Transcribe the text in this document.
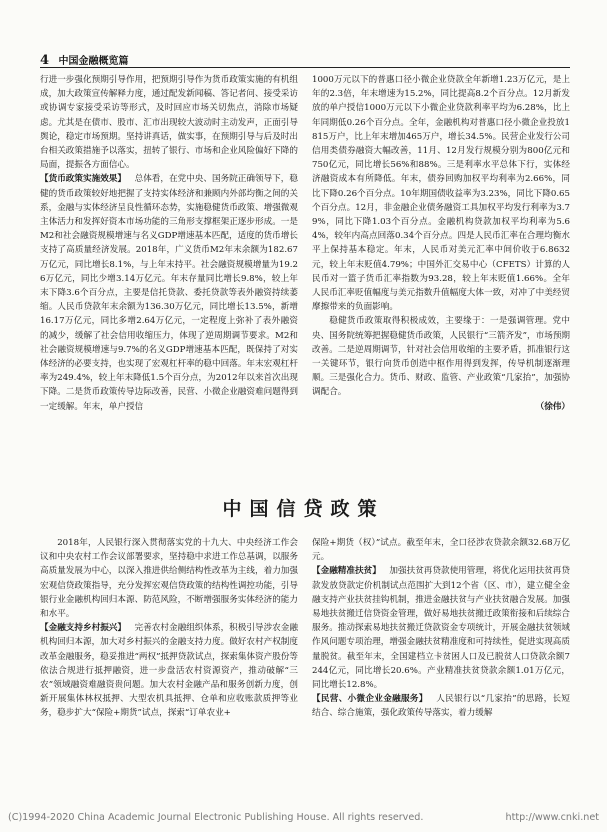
4 中国金融概览篇

行进一步强化预期引导作用，把预期引导作为货币政策实施的有机组成，加大政策宣传解释力度，通过配发新闻稿、答记者问、接受采访或协调专家接受采访等形式，及时回应市场关切焦点，消除市场疑虑。尤其是在债市、股市、汇市出现较大波动时主动发声，正面引导舆论，稳定市场预期。坚持讲真话，做实事，在预期引导与后及时出台相关政策措施予以落实，扭转了银行、市场和企业风险偏好下降的局面，提振各方面信心。

【货币政策实施效果】 总体看，在党中央、国务院正确领导下，稳健的货币政策较好地把握了支持实体经济和兼顾内外部均衡之间的关系，金融与实体经济呈良性循环态势，实施稳健货币政策、增强微观主体活力和发挥好资本市场功能的三角形支撑框架正逐步形成。一是M2和社会融资规模增速与名义GDP增速基本匹配，适度的货币增长支持了高质量经济发展。2018年，广义货币M2年末余额为182.67万亿元，同比增长8.1%，与上年末持平。社会融资规模增量为19.26万亿元，同比少增3.14万亿元。年末存量同比增长9.8%，较上年末下降3.6个百分点，主要是信托贷款、委托贷款等表外融资持续萎缩。人民币贷款年末余额为136.30万亿元，同比增长13.5%，新增16.17万亿元，同比多增2.64万亿元，一定程度上弥补了表外融资的减少，缓解了社会信用收缩压力，体现了逆周期调节要求。M2和社会融资规模增速与9.7%的名义GDP增速基本匹配，既保持了对实体经济的必要支持，也实现了宏观杠杆率的稳中回落。年末宏观杠杆率为249.4%，较上年末降低1.5个百分点，为2012年以来首次出现下降。二是货币政策传导边际改善，民营、小微企业融资难问题得到一定缓解。年末，单户授信

1000万元以下的普惠口径小微企业贷款全年新增1.23万亿元，是上年的2.3倍，年末增速为15.2%，同比提高8.2个百分点。12月新发放的单户授信1000万元以下小微企业贷款利率平均为6.28%，比上年同期低0.26个百分点。全年，金融机构对普惠口径小微企业投放1815万户，比上年末增加465万户，增长34.5%。民营企业发行公司信用类债券融资大幅改善，11月、12月发行规模分别为800亿元和750亿元，同比增长56%和88%。三是利率水平总体下行，实体经济融资成本有所降低。年末，债券回购加权平均利率为2.66%，同比下降0.26个百分点。10年期国债收益率为3.23%，同比下降0.65个百分点。12月，非金融企业债务融资工具加权平均发行利率为3.79%，同比下降1.03个百分点。金融机构贷款加权平均利率为5.64%，较年内高点回落0.34个百分点。四是人民币汇率在合理均衡水平上保持基本稳定。年末，人民币对美元汇率中间价收于6.8632元，较上年末贬值4.79%；中国外汇交易中心（CFETS）计算的人民币对一篮子货币汇率指数为93.28，较上年末贬值1.66%。全年人民币汇率贬值幅度与美元指数升值幅度大体一致，对冲了中美经贸摩擦带来的负面影响。

稳健货币政策取得积极成效，主要缘于：一是强调管理。党中央、国务院统筹把握稳健货币政策，人民银行“三箭齐发”，市场预期改善。二是逆周期调节，针对社会信用收缩的主要矛盾，抓准银行这一关键环节，银行向货币创造中枢作用得到发挥，传导机制逐渐理顺。三是强化合力。货币、财政、监管、产业政策“几家抬”，加强协调配合。

（徐伟）

中国信贷政策

2018年，人民银行深入贯彻落实党的十九大、中央经济工作会议和中央农村工作会议部署要求，坚持稳中求进工作总基调，以服务高质量发展为中心，以深入推进供给侧结构性改革为主线，着力加强宏观信贷政策指导，充分发挥宏观信贷政策的结构性调控功能，引导银行业金融机构回归本源、防范风险，不断增强服务实体经济的能力和水平。

【金融支持乡村振兴】 完善农村金融组织体系，积极引导涉农金融机构回归本源，加大对乡村振兴的金融支持力度。做好农村产权制度改革金融服务，稳妥推进“两权”抵押贷款试点，探索集体资产股份等依法合规进行抵押融资，进一步盘活农村资源资产，推动破解“三农”领域融资难融资贵问题。加大农村金融产品和服务创新力度，创新开展集体林权抵押、大型农机具抵押、仓单和应收账款质押等业务，稳步扩大“保险+期货”试点，探索“订单农业+

保险+期货（权）”试点。截至年末，全口径涉农贷款余额32.68万亿元。

【金融精准扶贫】 加强扶贫再贷款使用管理，将优化运用扶贫再贷款发放贷款定价机制试点范围扩大到12个省（区、市），建立健全金融支持产业扶贫挂钩机制，推进金融扶贫与产业扶贫融合发展。加强易地扶贫搬迁信贷资金管理，做好易地扶贫搬迁政策衔接和后续综合服务。推动探索易地扶贫搬迁贷款资金专项统计，开展金融扶贫领域作风问题专项治理，增强金融扶贫精准度和可持续性，促进实现高质量脱贫。截至年末，全国建档立卡贫困人口及已脱贫人口贷款余额7244亿元，同比增长20.6%。产业精准扶贫贷款余额1.01万亿元，同比增长12.8%。

【民营、小微企业金融服务】 人民银行以“几家抬”的思路，长短结合、综合施策，强化政策传导落实，着力缓解

(C)1994-2020 China Academic Journal Electronic Publishing House. All rights reserved.	http://www.cnki.net
